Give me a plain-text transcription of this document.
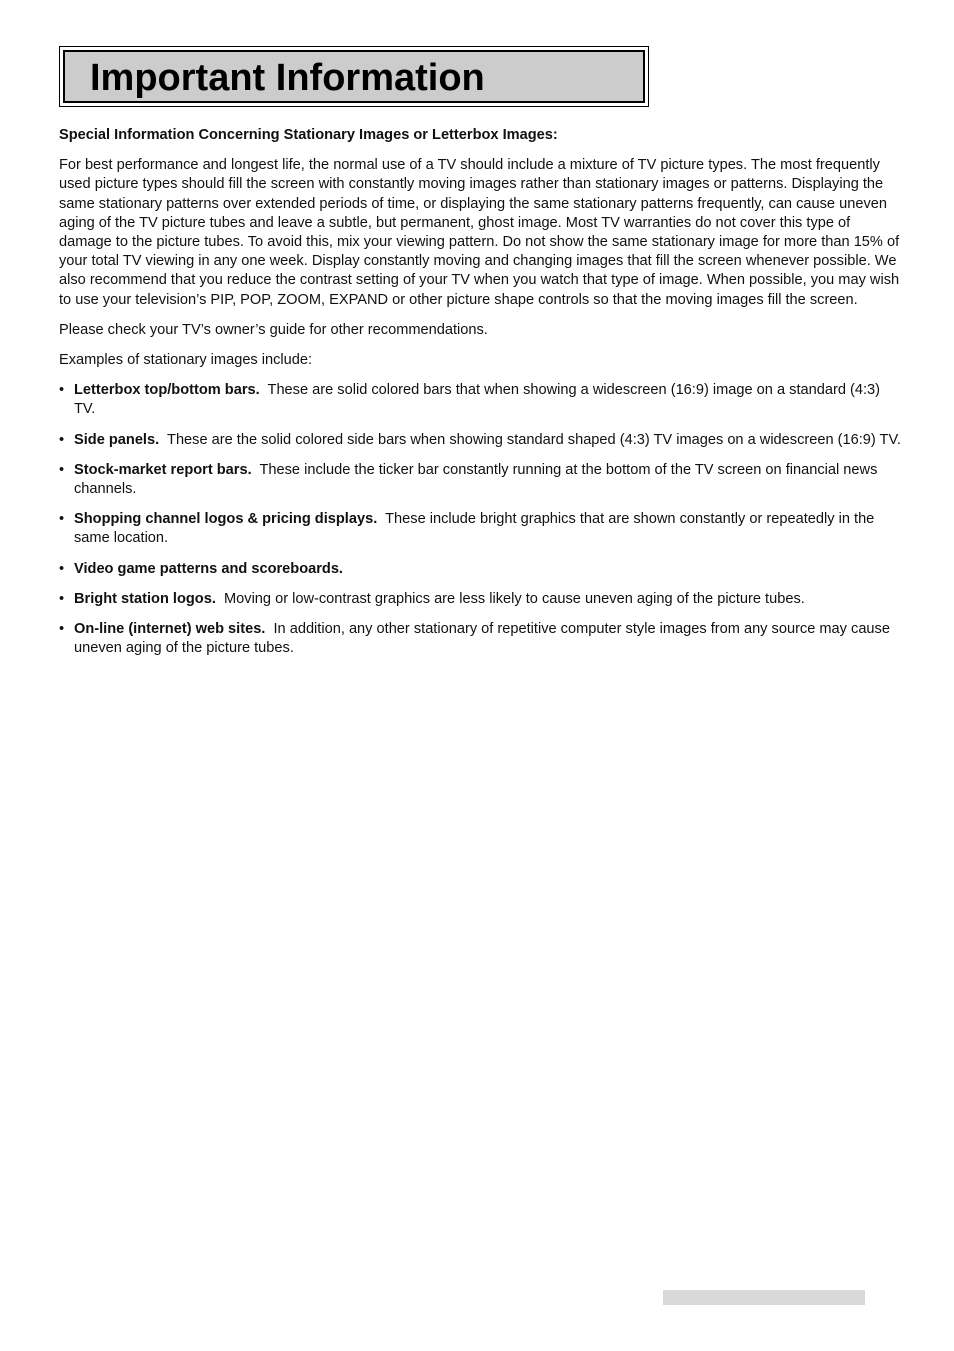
Important Information

Special Information Concerning Stationary Images or Letterbox Images:

For best performance and longest life, the normal use of a TV should include a mixture of TV picture types. The most frequently used picture types should fill the screen with constantly moving images rather than stationary images or patterns. Displaying the same stationary patterns over extended periods of time, or displaying the same stationary patterns frequently, can cause uneven aging of the TV picture tubes and leave a subtle, but permanent, ghost image. Most TV warranties do not cover this type of damage to the picture tubes. To avoid this, mix your viewing pattern. Do not show the same stationary image for more than 15% of your total TV viewing in any one week. Display constantly moving and changing images that fill the screen whenever possible. We also recommend that you reduce the contrast setting of your TV when you watch that type of image. When possible, you may wish to use your television’s PIP, POP, ZOOM, EXPAND or other picture shape controls so that the moving images fill the screen.

Please check your TV’s owner’s guide for other recommendations.

Examples of stationary images include:

• Letterbox top/bottom bars. These are solid colored bars that when showing a widescreen (16:9) image on a standard (4:3) TV.
• Side panels. These are the solid colored side bars when showing standard shaped (4:3) TV images on a widescreen (16:9) TV.
• Stock-market report bars. These include the ticker bar constantly running at the bottom of the TV screen on financial news channels.
• Shopping channel logos & pricing displays. These include bright graphics that are shown constantly or repeatedly in the same location.
• Video game patterns and scoreboards.
• Bright station logos. Moving or low-contrast graphics are less likely to cause uneven aging of the picture tubes.
• On-line (internet) web sites. In addition, any other stationary of repetitive computer style images from any source may cause uneven aging of the picture tubes.
